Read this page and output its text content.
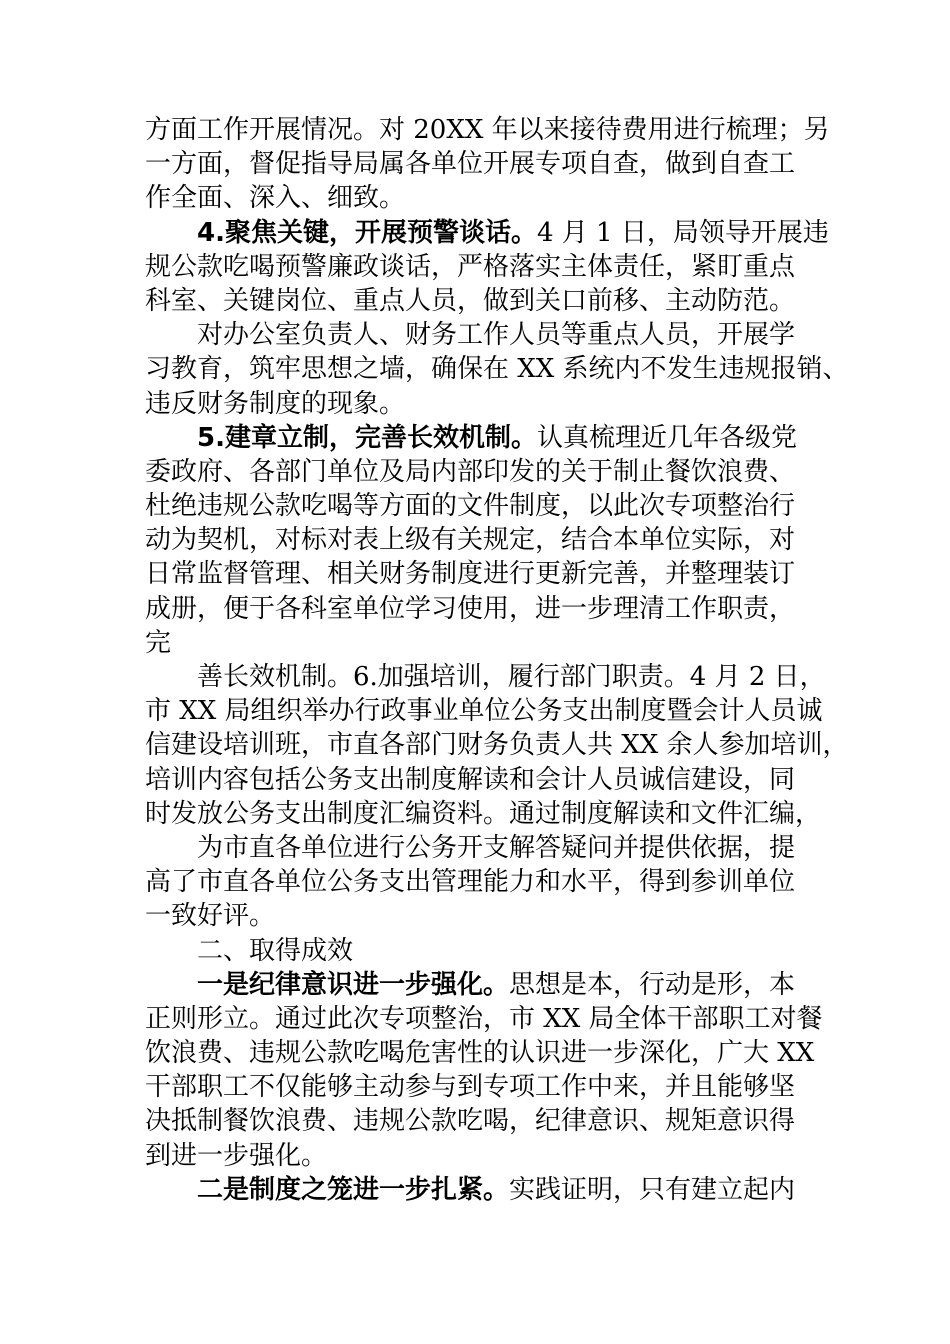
方面工作开展情况。对 20XX 年以来接待费用进行梳理；另
一方面，督促指导局属各单位开展专项自查，做到自查工
作全面、深入、细致。
4.聚焦关键，开展预警谈话。4 月 1 日，局领导开展违
规公款吃喝预警廉政谈话，严格落实主体责任，紧盯重点
科室、关键岗位、重点人员，做到关口前移、主动防范。
对办公室负责人、财务工作人员等重点人员，开展学
习教育，筑牢思想之墙，确保在 XX 系统内不发生违规报销、
违反财务制度的现象。
5.建章立制，完善长效机制。认真梳理近几年各级党
委政府、各部门单位及局内部印发的关于制止餐饮浪费、
杜绝违规公款吃喝等方面的文件制度，以此次专项整治行
动为契机，对标对表上级有关规定，结合本单位实际，对
日常监督管理、相关财务制度进行更新完善，并整理装订
成册，便于各科室单位学习使用，进一步理清工作职责，
完
善长效机制。6.加强培训，履行部门职责。4 月 2 日，
市 XX 局组织举办行政事业单位公务支出制度暨会计人员诚
信建设培训班，市直各部门财务负责人共 XX 余人参加培训，
培训内容包括公务支出制度解读和会计人员诚信建设，同
时发放公务支出制度汇编资料。通过制度解读和文件汇编，
为市直各单位进行公务开支解答疑问并提供依据，提
高了市直各单位公务支出管理能力和水平，得到参训单位
一致好评。
二、取得成效
一是纪律意识进一步强化。思想是本，行动是形，本
正则形立。通过此次专项整治，市 XX 局全体干部职工对餐
饮浪费、违规公款吃喝危害性的认识进一步深化，广大 XX
干部职工不仅能够主动参与到专项工作中来，并且能够坚
决抵制餐饮浪费、违规公款吃喝，纪律意识、规矩意识得
到进一步强化。
二是制度之笼进一步扎紧。实践证明，只有建立起内
